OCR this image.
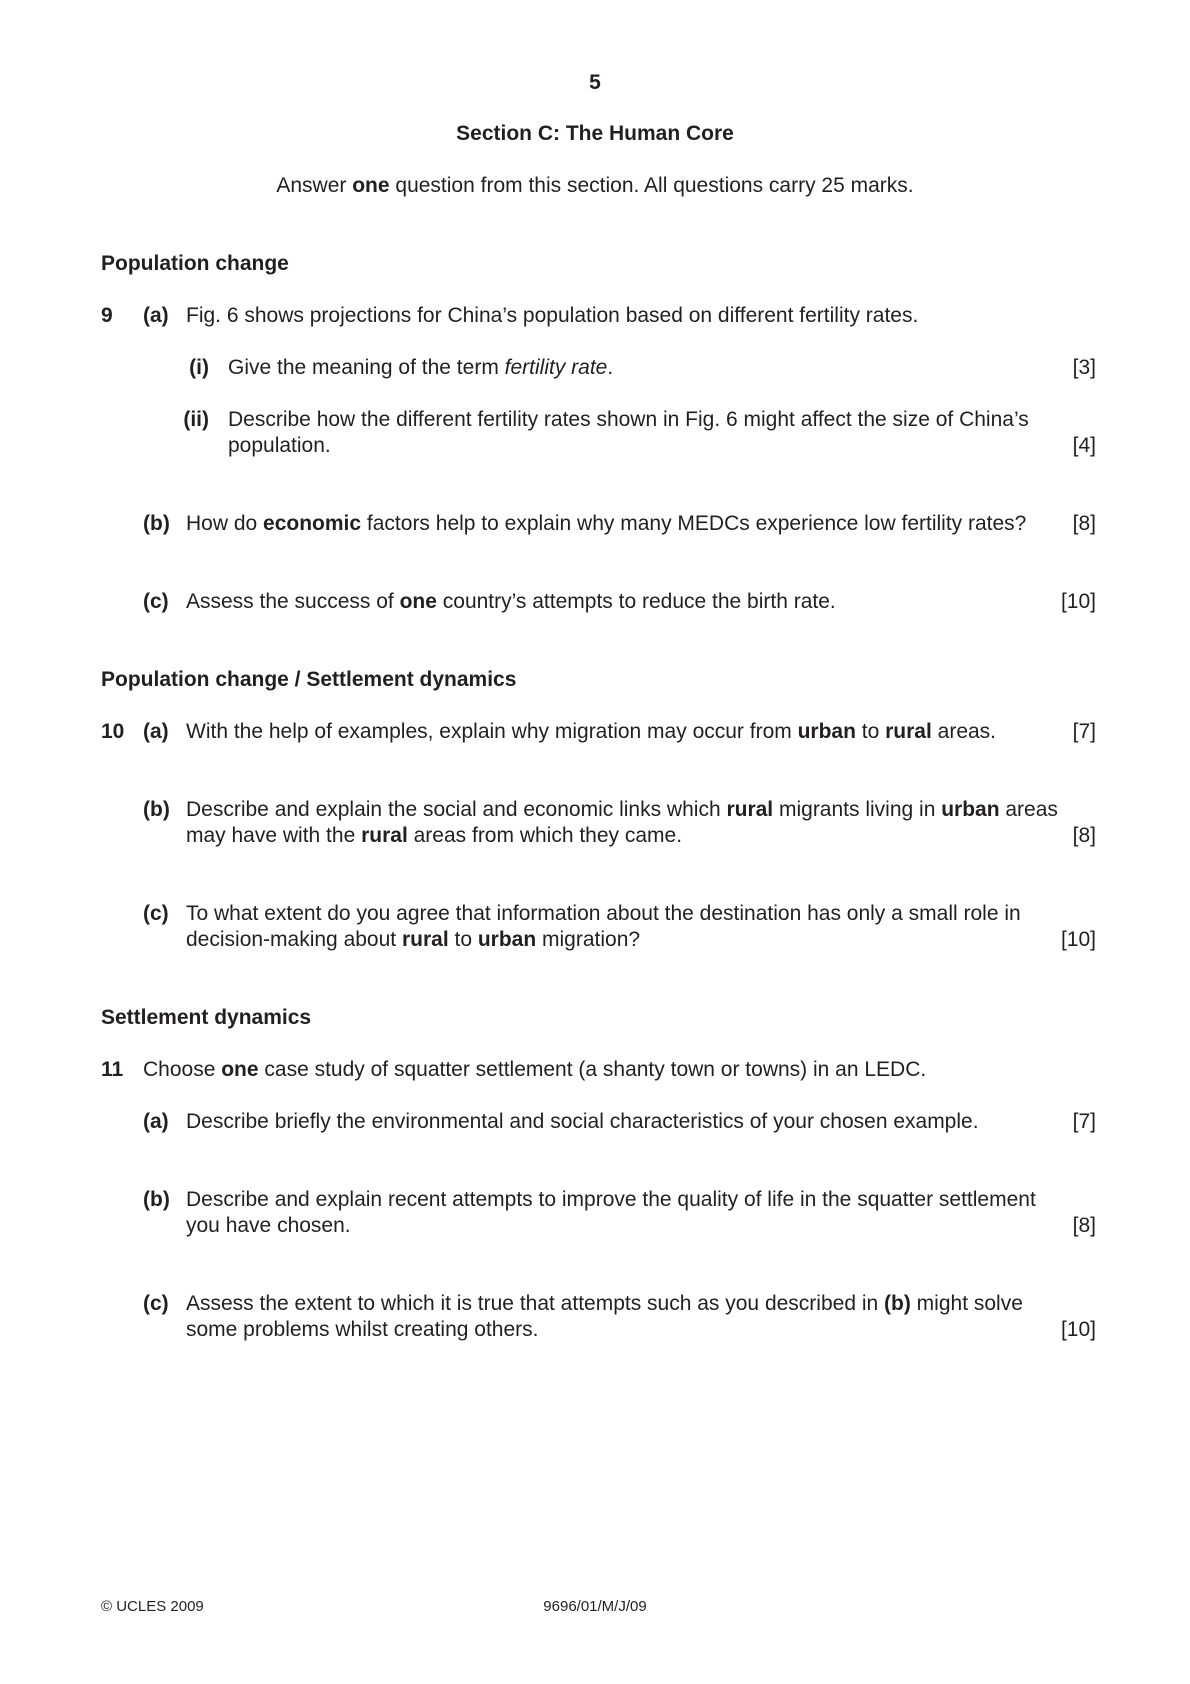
5
Section C: The Human Core
Answer one question from this section. All questions carry 25 marks.
Population change
9 (a) Fig. 6 shows projections for China’s population based on different fertility rates.
(i) Give the meaning of the term fertility rate.	[3]
(ii) Describe how the different fertility rates shown in Fig. 6 might affect the size of China’s
population.	[4]
(b) How do economic factors help to explain why many MEDCs experience low fertility rates?	[8]
(c) Assess the success of one country’s attempts to reduce the birth rate.	[10]
Population change / Settlement dynamics
10 (a) With the help of examples, explain why migration may occur from urban to rural areas.	[7]
(b) Describe and explain the social and economic links which rural migrants living in urban areas
may have with the rural areas from which they came.	[8]
(c) To what extent do you agree that information about the destination has only a small role in
decision-making about rural to urban migration?	[10]
Settlement dynamics
11 Choose one case study of squatter settlement (a shanty town or towns) in an LEDC.
(a) Describe briefly the environmental and social characteristics of your chosen example.	[7]
(b) Describe and explain recent attempts to improve the quality of life in the squatter settlement
you have chosen.	[8]
(c) Assess the extent to which it is true that attempts such as you described in (b) might solve
some problems whilst creating others.	[10]
© UCLES 2009	9696/01/M/J/09
